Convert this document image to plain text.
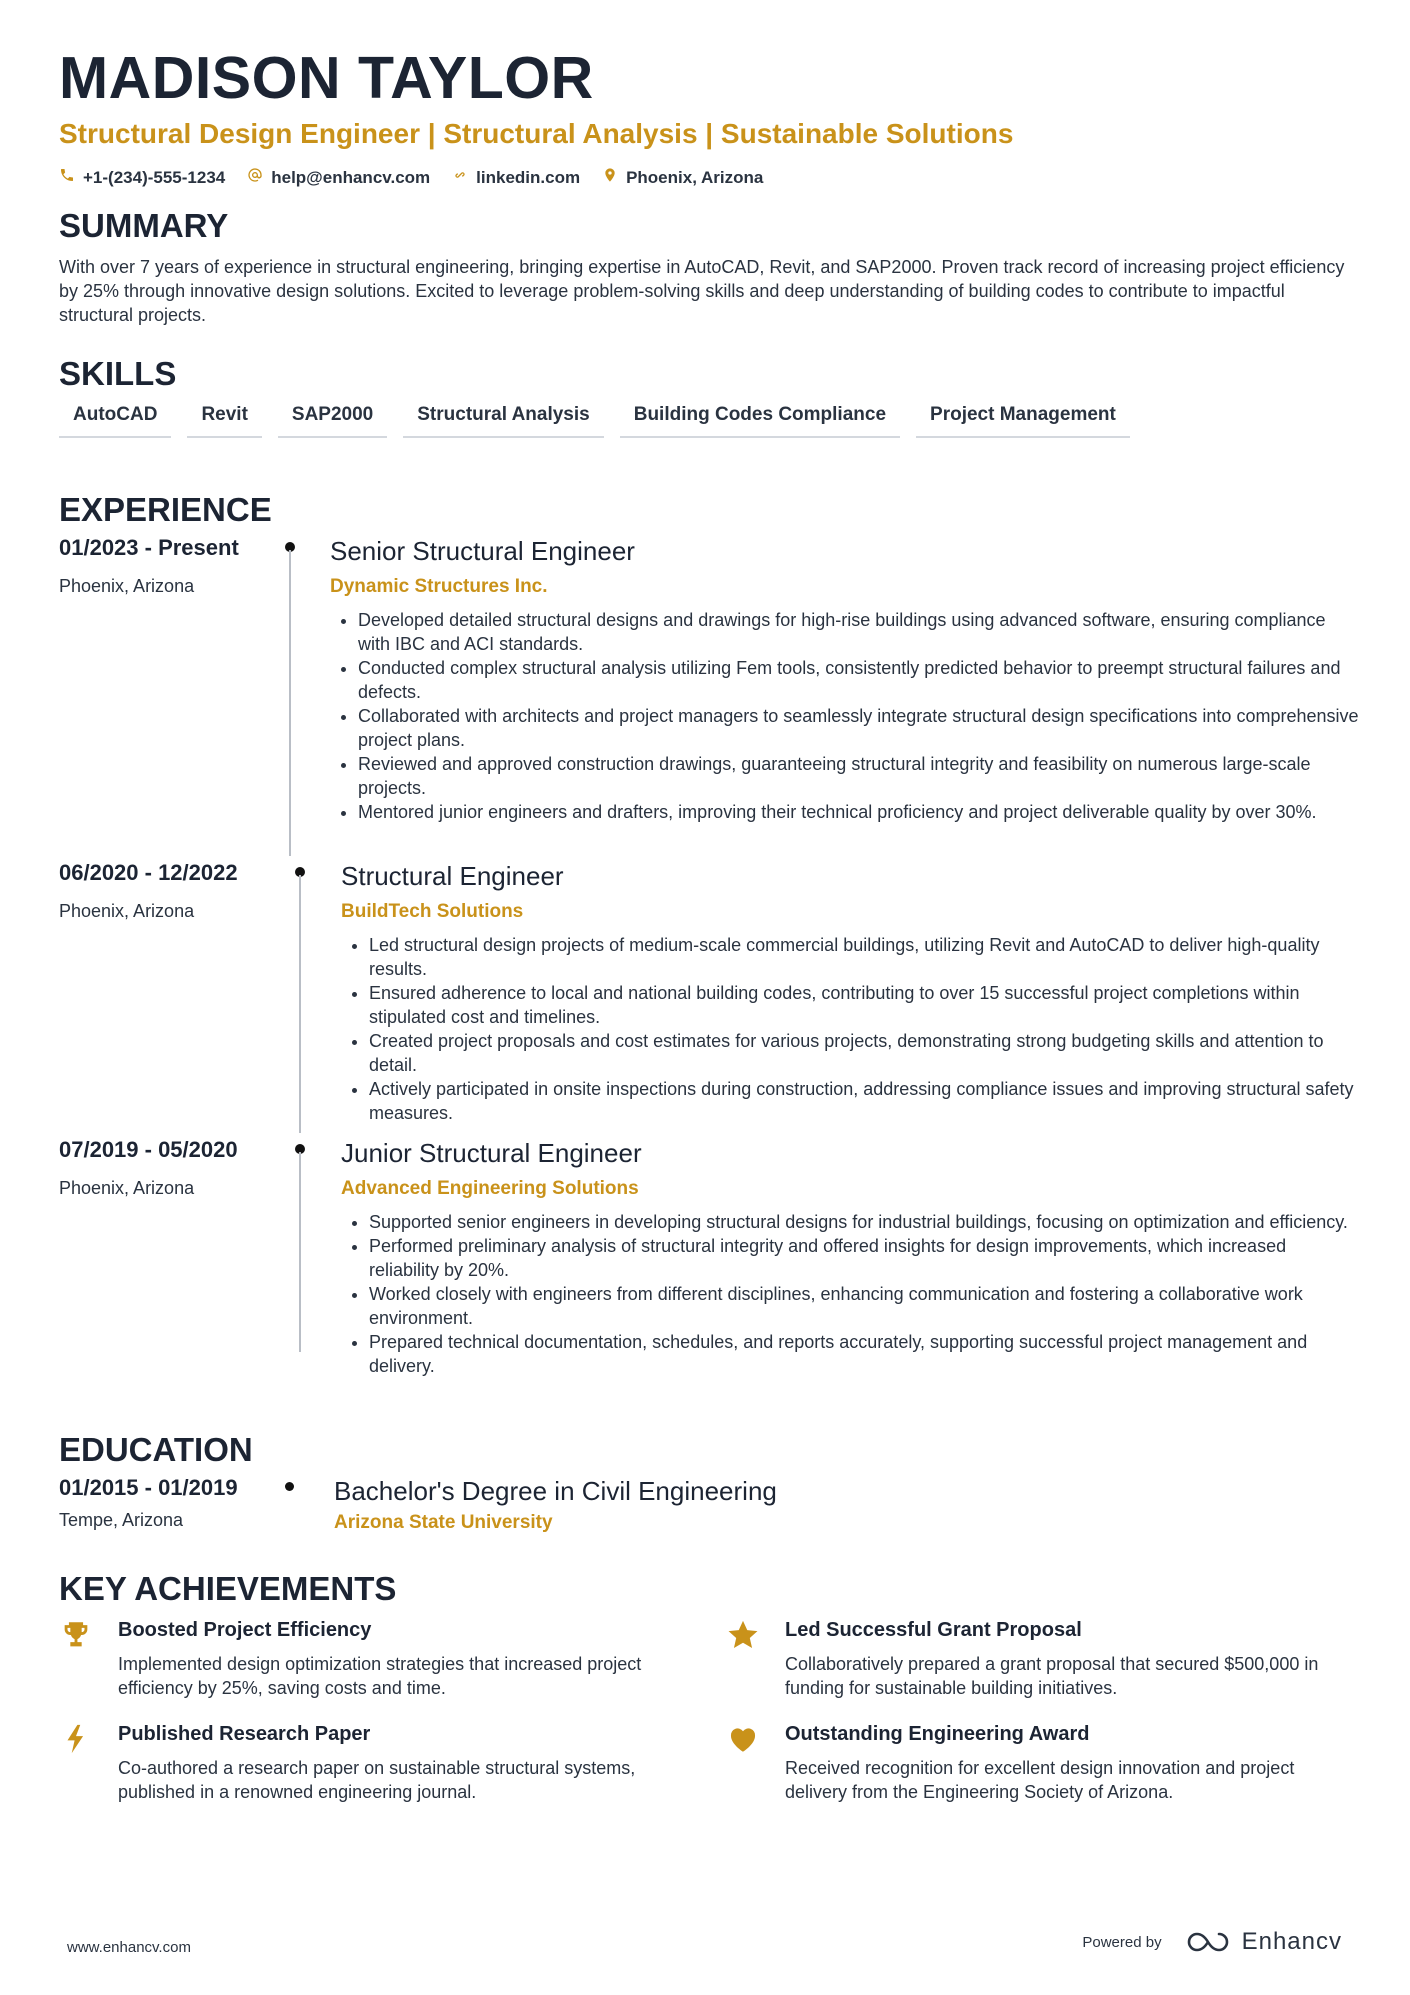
MADISON TAYLOR
Structural Design Engineer | Structural Analysis | Sustainable Solutions
+1-(234)-555-1234	help@enhancv.com	linkedin.com	Phoenix, Arizona
SUMMARY
With over 7 years of experience in structural engineering, bringing expertise in AutoCAD, Revit, and SAP2000. Proven track record of increasing project efficiency by 25% through innovative design solutions. Excited to leverage problem-solving skills and deep understanding of building codes to contribute to impactful structural projects.
SKILLS
AutoCAD	Revit	SAP2000	Structural Analysis	Building Codes Compliance	Project Management
EXPERIENCE
01/2023 - Present
Phoenix, Arizona
Senior Structural Engineer
Dynamic Structures Inc.
• Developed detailed structural designs and drawings for high-rise buildings using advanced software, ensuring compliance with IBC and ACI standards.
• Conducted complex structural analysis utilizing Fem tools, consistently predicted behavior to preempt structural failures and defects.
• Collaborated with architects and project managers to seamlessly integrate structural design specifications into comprehensive project plans.
• Reviewed and approved construction drawings, guaranteeing structural integrity and feasibility on numerous large-scale projects.
• Mentored junior engineers and drafters, improving their technical proficiency and project deliverable quality by over 30%.
06/2020 - 12/2022
Phoenix, Arizona
Structural Engineer
BuildTech Solutions
• Led structural design projects of medium-scale commercial buildings, utilizing Revit and AutoCAD to deliver high-quality results.
• Ensured adherence to local and national building codes, contributing to over 15 successful project completions within stipulated cost and timelines.
• Created project proposals and cost estimates for various projects, demonstrating strong budgeting skills and attention to detail.
• Actively participated in onsite inspections during construction, addressing compliance issues and improving structural safety measures.
07/2019 - 05/2020
Phoenix, Arizona
Junior Structural Engineer
Advanced Engineering Solutions
• Supported senior engineers in developing structural designs for industrial buildings, focusing on optimization and efficiency.
• Performed preliminary analysis of structural integrity and offered insights for design improvements, which increased reliability by 20%.
• Worked closely with engineers from different disciplines, enhancing communication and fostering a collaborative work environment.
• Prepared technical documentation, schedules, and reports accurately, supporting successful project management and delivery.
EDUCATION
01/2015 - 01/2019
Tempe, Arizona
Bachelor's Degree in Civil Engineering
Arizona State University
KEY ACHIEVEMENTS
Boosted Project Efficiency
Implemented design optimization strategies that increased project efficiency by 25%, saving costs and time.
Led Successful Grant Proposal
Collaboratively prepared a grant proposal that secured $500,000 in funding for sustainable building initiatives.
Published Research Paper
Co-authored a research paper on sustainable structural systems, published in a renowned engineering journal.
Outstanding Engineering Award
Received recognition for excellent design innovation and project delivery from the Engineering Society of Arizona.
www.enhancv.com	Powered by	Enhancv
